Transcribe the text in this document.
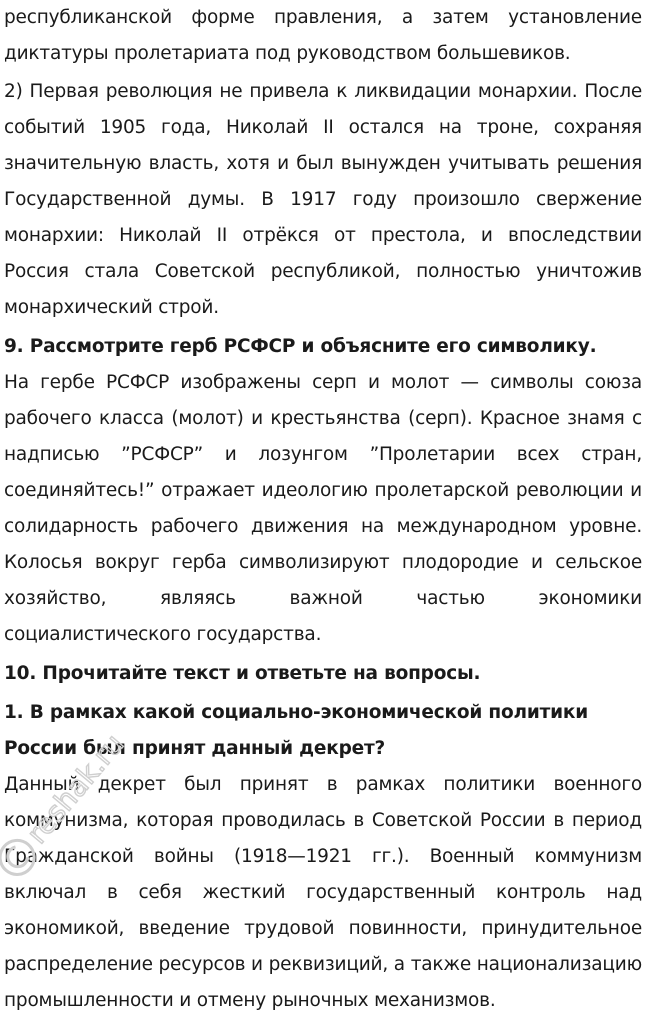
республиканской форме правления, а затем установление диктатуры пролетариата под руководством большевиков.

2) Первая революция не привела к ликвидации монархии. После событий 1905 года, Николай II остался на троне, сохраняя значительную власть, хотя и был вынужден учитывать решения Государственной думы. В 1917 году произошло свержение монархии: Николай II отрёкся от престола, и впоследствии Россия стала Советской республикой, полностью уничтожив монархический строй.

9. Рассмотрите герб РСФСР и объясните его символику.

На гербе РСФСР изображены серп и молот — символы союза рабочего класса (молот) и крестьянства (серп). Красное знамя с надписью ”РСФСР” и лозунгом ”Пролетарии всех стран, соединяйтесь!” отражает идеологию пролетарской революции и солидарность рабочего движения на международном уровне. Колосья вокруг герба символизируют плодородие и сельское хозяйство, являясь важной частью экономики социалистического государства.

10. Прочитайте текст и ответьте на вопросы.
1. В рамках какой социально-экономической политики России был принят данный декрет?

Данный декрет был принят в рамках политики военного коммунизма, которая проводилась в Советской России в период Гражданской войны (1918—1921 гг.). Военный коммунизм включал в себя жесткий государственный контроль над экономикой, введение трудовой повинности, принудительное распределение ресурсов и реквизиций, а также национализацию промышленности и отмену рыночных механизмов.

reshak.ru
